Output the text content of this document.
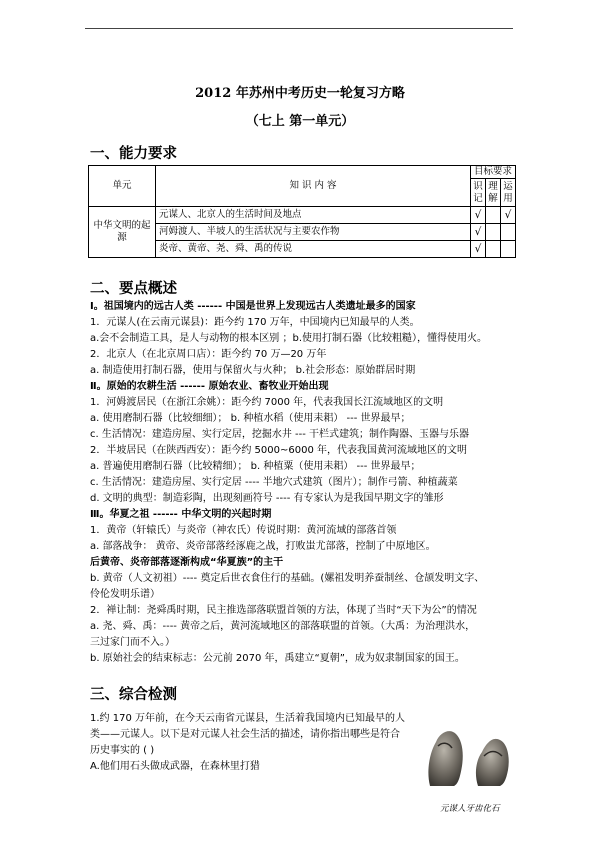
2012 年苏州中考历史一轮复习方略
（七上 第一单元）
一、能力要求
单元	知 识 内 容	目标要求		
		识记	理解	运用
中华文明的起源	元谋人、北京人的生活时间及地点	√		√
	河姆渡人、半坡人的生活状况与主要农作物	√		
	炎帝、黄帝、尧、舜、禹的传说	√		
二、要点概述
Ⅰ。祖国境内的远古人类 ------ 中国是世界上发现远古人类遗址最多的国家
1．元谋人(在云南元谋县)：距今约 170 万年，中国境内已知最早的人类。
a.会不会制造工具，是人与动物的根本区别 ；b.使用打制石器（比较粗糙），懂得使用火。
2．北京人（在北京周口店）：距今约 70 万—20 万年
a. 制造使用打制石器，使用与保留火与火种； b.社会形态：原始群居时期
Ⅱ。原始的农耕生活 ------ 原始农业、畜牧业开始出现
1．河姆渡居民（在浙江余姚）：距今约 7000 年，代表我国长江流域地区的文明
a. 使用磨制石器（比较细细）； b. 种植水稻（使用耒耜） --- 世界最早；
c. 生活情况：建造房屋、实行定居，挖掘水井 --- 干栏式建筑；制作陶器、玉器与乐器
2．半坡居民（在陕西西安）：距今约 5000~6000 年，代表我国黄河流域地区的文明
a. 普遍使用磨制石器（比较精细）； b. 种植粟（使用耒耜） --- 世界最早；
c. 生活情况：建造房屋、实行定居 ---- 半地穴式建筑（图片）；制作弓箭、种植蔬菜
d. 文明的典型：制造彩陶，出现刻画符号 ---- 有专家认为是我国早期文字的雏形
Ⅲ。华夏之祖 ------ 中华文明的兴起时期
1．黄帝（轩辕氏）与炎帝（神农氏）传说时期：黄河流域的部落首领
a. 部落战争： 黄帝、炎帝部落经涿鹿之战，打败蚩尤部落，控制了中原地区。
后黄帝、炎帝部落逐渐构成“华夏族”的主干
b. 黄帝（人文初祖）---- 奠定后世衣食住行的基础。(嫘祖发明养蚕制丝、仓颉发明文字、
伶伦发明乐谱）
2．禅让制：尧舜禹时期，民主推选部落联盟首领的方法，体现了当时“天下为公”的情况
a. 尧、舜、禹：---- 黄帝之后，黄河流域地区的部落联盟的首领。（大禹：为治理洪水，
三过家门而不入。）
b. 原始社会的结束标志：公元前 2070 年，禹建立“夏朝”，成为奴隶制国家的国王。
三、综合检测
1.约 170 万年前，在今天云南省元谋县，生活着我国境内已知最早的人
类——元谋人。以下是对元谋人社会生活的描述，请你指出哪些是符合
历史事实的 ( )
A.他们用石头做成武器，在森林里打猎
元谋人牙齿化石
